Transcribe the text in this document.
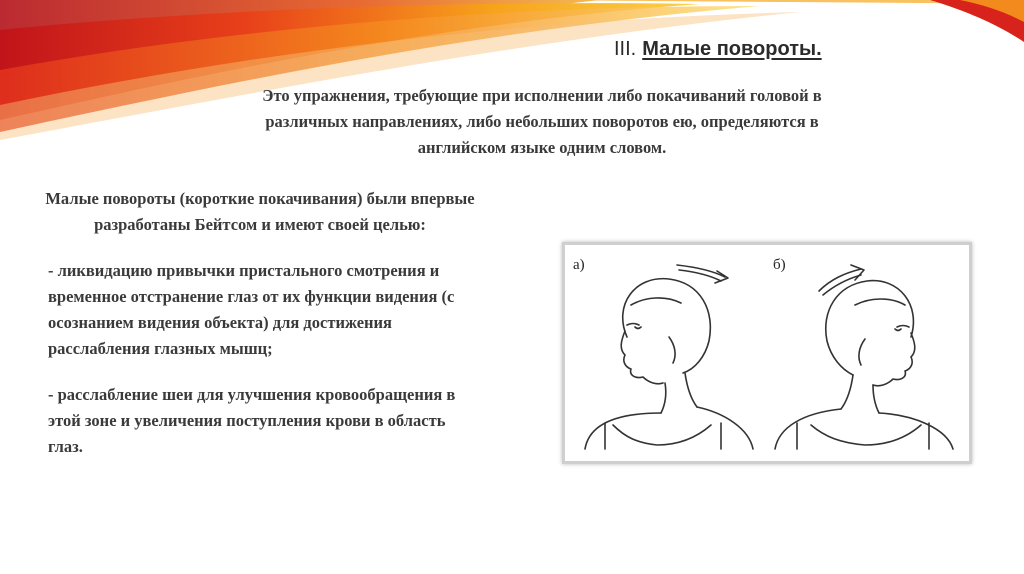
III. Малые повороты.
Это упражнения, требующие при исполнении либо покачиваний головой в различных направлениях, либо небольших поворотов ею, определяются в английском языке одним словом.
Малые повороты (короткие покачивания) были впервые разработаны Бейтсом и имеют своей целью:
- ликвидацию привычки пристального смотрения и временное отстранение глаз от их функции видения (с осознанием видения объекта) для достижения расслабления глазных мышц;
- расслабление шеи для улучшения кровообращения в этой зоне и увеличения поступления крови в область глаз.
а)	б)
